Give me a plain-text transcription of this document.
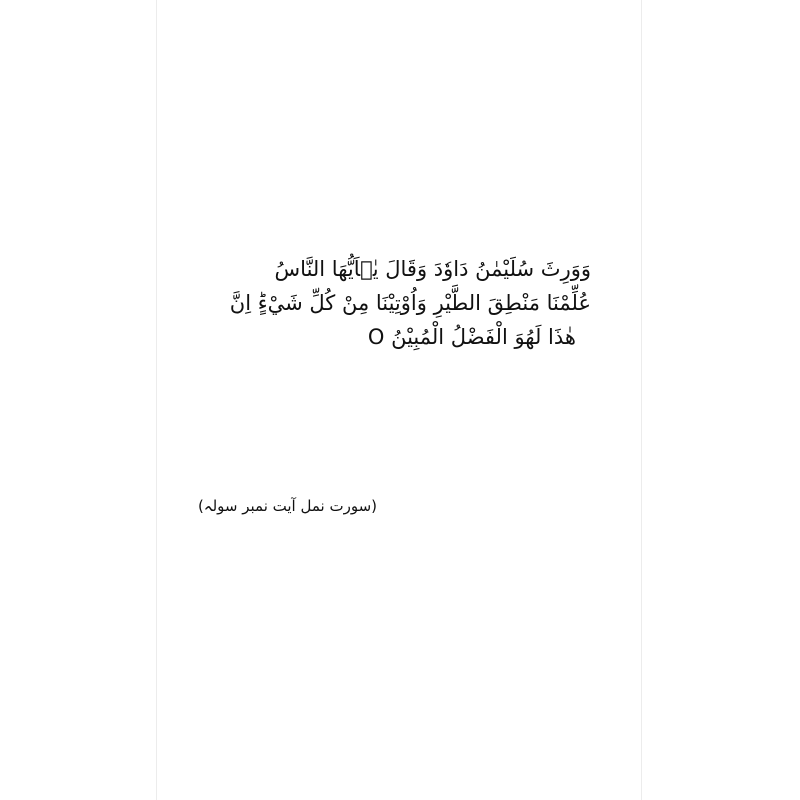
وَوَرِثَ سُلَيْمٰنُ دَاوٗدَ وَقَالَ يٰۤاَيُّهَا النَّاسُ
عُلِّمْنَا مَنْطِقَ الطَّيْرِ وَاُوْتِيْنَا مِنْ كُلِّ شَيْءٍؕ اِنَّ
هٰذَا لَهُوَ الْفَضْلُ الْمُبِيْنُ O
(سورت نمل آیت نمبر سولہ)
